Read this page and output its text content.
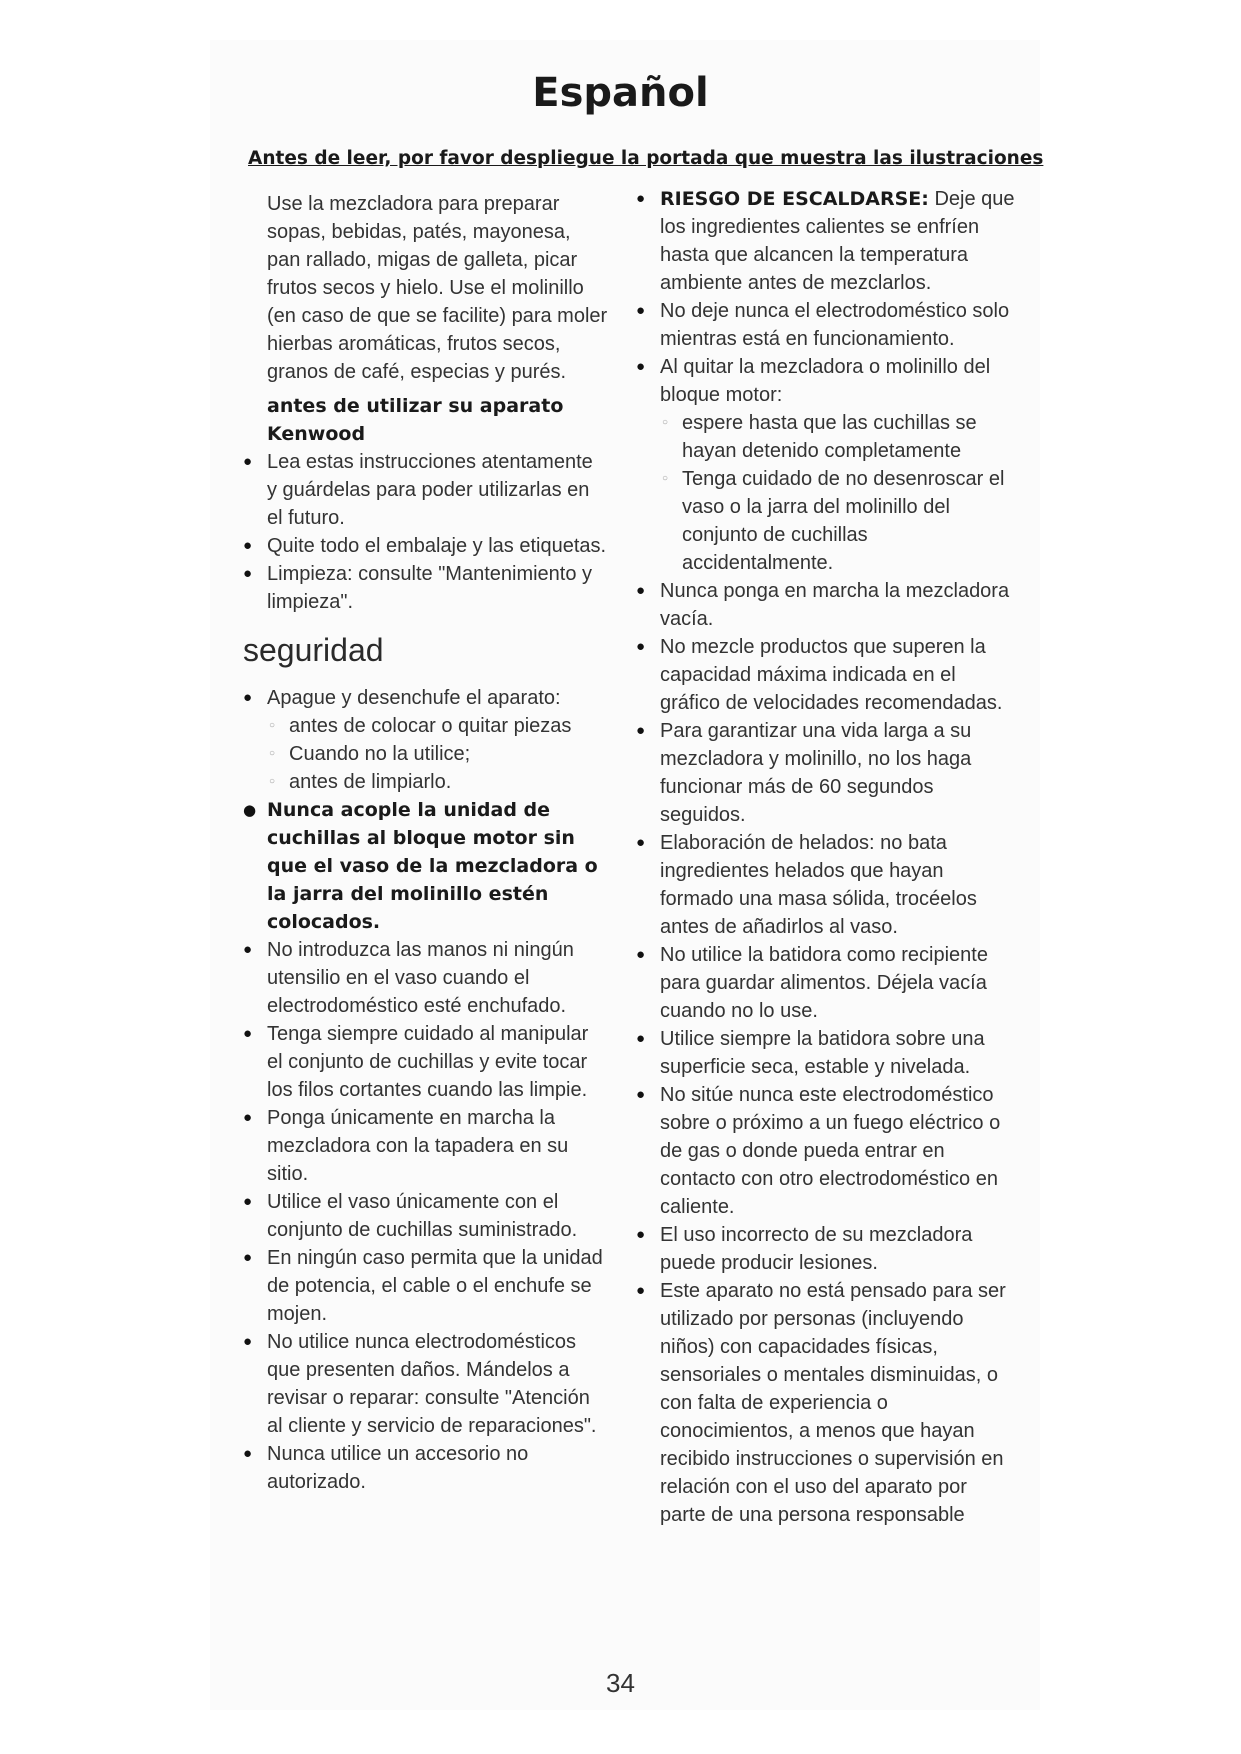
Español
Antes de leer, por favor despliegue la portada que muestra las ilustraciones

Use la mezcladora para preparar sopas, bebidas, patés, mayonesa, pan rallado, migas de galleta, picar frutos secos y hielo. Use el molinillo (en caso de que se facilite) para moler hierbas aromáticas, frutos secos, granos de café, especias y purés.

antes de utilizar su aparato Kenwood

● Lea estas instrucciones atentamente y guárdelas para poder utilizarlas en el futuro.
● Quite todo el embalaje y las etiquetas.
● Limpieza: consulte "Mantenimiento y limpieza".
seguridad
● Apague y desenchufe el aparato:
○ antes de colocar o quitar piezas
○ Cuando no la utilice;
○ antes de limpiarlo.
● Nunca acople la unidad de cuchillas al bloque motor sin que el vaso de la mezcladora o la jarra del molinillo estén colocados.
● No introduzca las manos ni ningún utensilio en el vaso cuando el electrodoméstico esté enchufado.
● Tenga siempre cuidado al manipular el conjunto de cuchillas y evite tocar los filos cortantes cuando las limpie.
● Ponga únicamente en marcha la mezcladora con la tapadera en su sitio.
● Utilice el vaso únicamente con el conjunto de cuchillas suministrado.
● En ningún caso permita que la unidad de potencia, el cable o el enchufe se mojen.
● No utilice nunca electrodomésticos que presenten daños. Mándelos a revisar o reparar: consulte "Atención al cliente y servicio de reparaciones".
● Nunca utilice un accesorio no autorizado.
● RIESGO DE ESCALDARSE: Deje que los ingredientes calientes se enfríen hasta que alcancen la temperatura ambiente antes de mezclarlos.
● No deje nunca el electrodoméstico solo mientras está en funcionamiento.
● Al quitar la mezcladora o molinillo del bloque motor:
○ espere hasta que las cuchillas se hayan detenido completamente
○ Tenga cuidado de no desenroscar el vaso o la jarra del molinillo del conjunto de cuchillas accidentalmente.
● Nunca ponga en marcha la mezcladora vacía.
● No mezcle productos que superen la capacidad máxima indicada en el gráfico de velocidades recomendadas.
● Para garantizar una vida larga a su mezcladora y molinillo, no los haga funcionar más de 60 segundos seguidos.
● Elaboración de helados: no bata ingredientes helados que hayan formado una masa sólida, trocéelos antes de añadirlos al vaso.
● No utilice la batidora como recipiente para guardar alimentos. Déjela vacía cuando no lo use.
● Utilice siempre la batidora sobre una superficie seca, estable y nivelada.
● No sitúe nunca este electrodoméstico sobre o próximo a un fuego eléctrico o de gas o donde pueda entrar en contacto con otro electrodoméstico en caliente.
● El uso incorrecto de su mezcladora puede producir lesiones.
● Este aparato no está pensado para ser utilizado por personas (incluyendo niños) con capacidades físicas, sensoriales o mentales disminuidas, o con falta de experiencia o conocimientos, a menos que hayan recibido instrucciones o supervisión en relación con el uso del aparato por parte de una persona responsable
34
